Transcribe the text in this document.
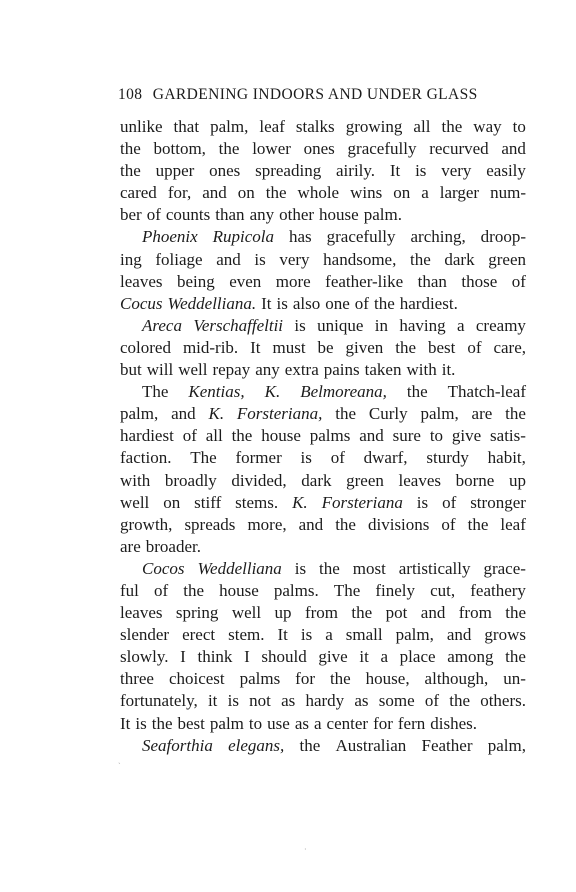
108 GARDENING INDOORS AND UNDER GLASS
unlike that palm, leaf stalks growing all the way to
the bottom, the lower ones gracefully recurved and
the upper ones spreading airily. It is very easily
cared for, and on the whole wins on a larger num-
ber of counts than any other house palm.
Phoenix Rupicola has gracefully arching, droop-
ing foliage and is very handsome, the dark green
leaves being even more feather-like than those of
Cocus Weddelliana. It is also one of the hardiest.
Areca Verschaffeltii is unique in having a creamy
colored mid-rib. It must be given the best of care,
but will well repay any extra pains taken with it.
The Kentias, K. Belmoreana, the Thatch-leaf
palm, and K. Forsteriana, the Curly palm, are the
hardiest of all the house palms and sure to give satis-
faction. The former is of dwarf, sturdy habit,
with broadly divided, dark green leaves borne up
well on stiff stems. K. Forsteriana is of stronger
growth, spreads more, and the divisions of the leaf
are broader.
Cocos Weddelliana is the most artistically grace-
ful of the house palms. The finely cut, feathery
leaves spring well up from the pot and from the
slender erect stem. It is a small palm, and grows
slowly. I think I should give it a place among the
three choicest palms for the house, although, un-
fortunately, it is not as hardy as some of the others.
It is the best palm to use as a center for fern dishes.
Seaforthia elegans, the Australian Feather palm,
ˏ
·
